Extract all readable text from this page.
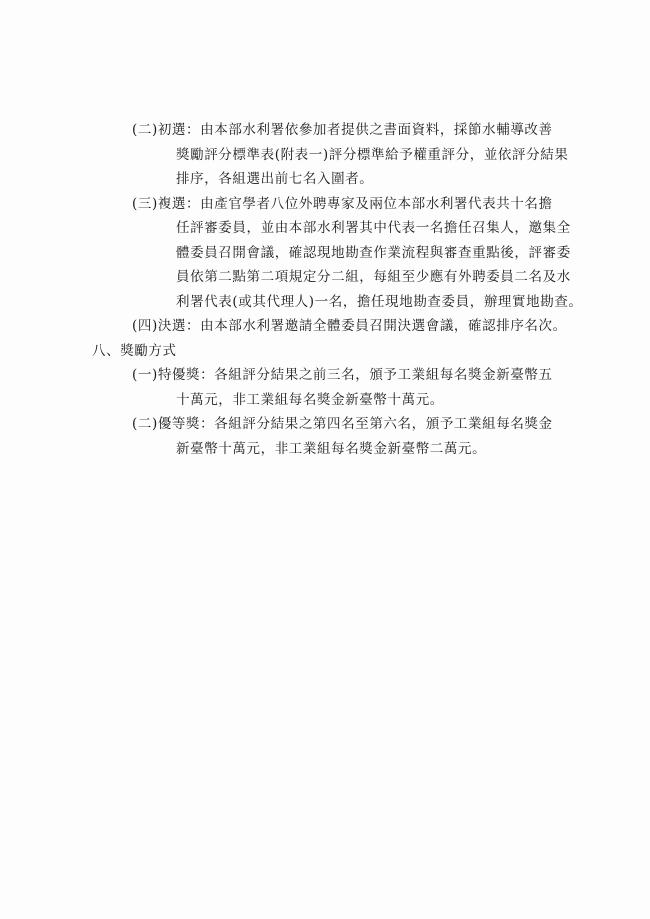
(二)初選：由本部水利署依參加者提供之書面資料，採節水輔導改善
獎勵評分標準表(附表一)評分標準給予權重評分，並依評分結果
排序，各組選出前七名入圍者。
(三)複選：由產官學者八位外聘專家及兩位本部水利署代表共十名擔
任評審委員，並由本部水利署其中代表一名擔任召集人，邀集全
體委員召開會議，確認現地勘查作業流程與審查重點後，評審委
員依第二點第二項規定分二組，每組至少應有外聘委員二名及水
利署代表(或其代理人)一名，擔任現地勘查委員，辦理實地勘查。
(四)決選：由本部水利署邀請全體委員召開決選會議，確認排序名次。
八、獎勵方式
(一)特優獎：各組評分結果之前三名，頒予工業組每名獎金新臺幣五
十萬元，非工業組每名獎金新臺幣十萬元。
(二)優等獎：各組評分結果之第四名至第六名，頒予工業組每名獎金
新臺幣十萬元，非工業組每名獎金新臺幣二萬元。
